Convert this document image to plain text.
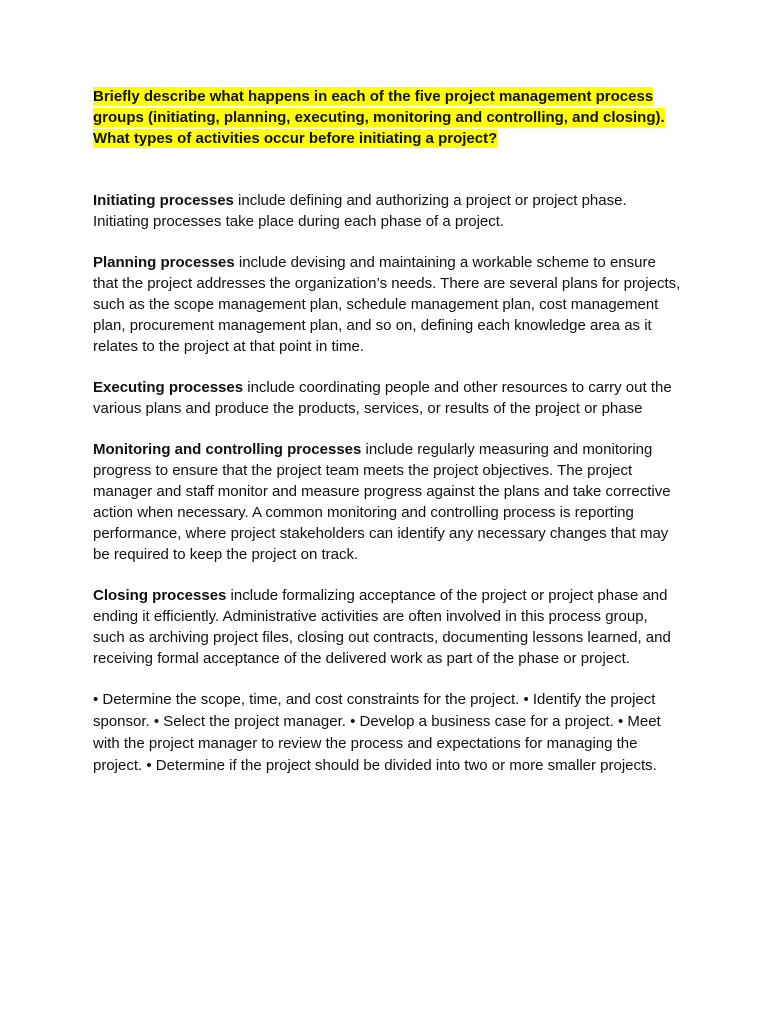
Briefly describe what happens in each of the five project management process groups (initiating, planning, executing, monitoring and controlling, and closing). What types of activities occur before initiating a project?

Initiating processes include defining and authorizing a project or project phase. Initiating processes take place during each phase of a project.

Planning processes include devising and maintaining a workable scheme to ensure that the project addresses the organization’s needs. There are several plans for projects, such as the scope management plan, schedule management plan, cost management plan, procurement management plan, and so on, defining each knowledge area as it relates to the project at that point in time.

Executing processes include coordinating people and other resources to carry out the various plans and produce the products, services, or results of the project or phase

Monitoring and controlling processes include regularly measuring and monitoring progress to ensure that the project team meets the project objectives. The project manager and staff monitor and measure progress against the plans and take corrective action when necessary. A common monitoring and controlling process is reporting performance, where project stakeholders can identify any necessary changes that may be required to keep the project on track.

Closing processes include formalizing acceptance of the project or project phase and ending it efficiently. Administrative activities are often involved in this process group, such as archiving project files, closing out contracts, documenting lessons learned, and receiving formal acceptance of the delivered work as part of the phase or project.

• Determine the scope, time, and cost constraints for the project. • Identify the project sponsor. • Select the project manager. • Develop a business case for a project. • Meet with the project manager to review the process and expectations for managing the project. • Determine if the project should be divided into two or more smaller projects.
